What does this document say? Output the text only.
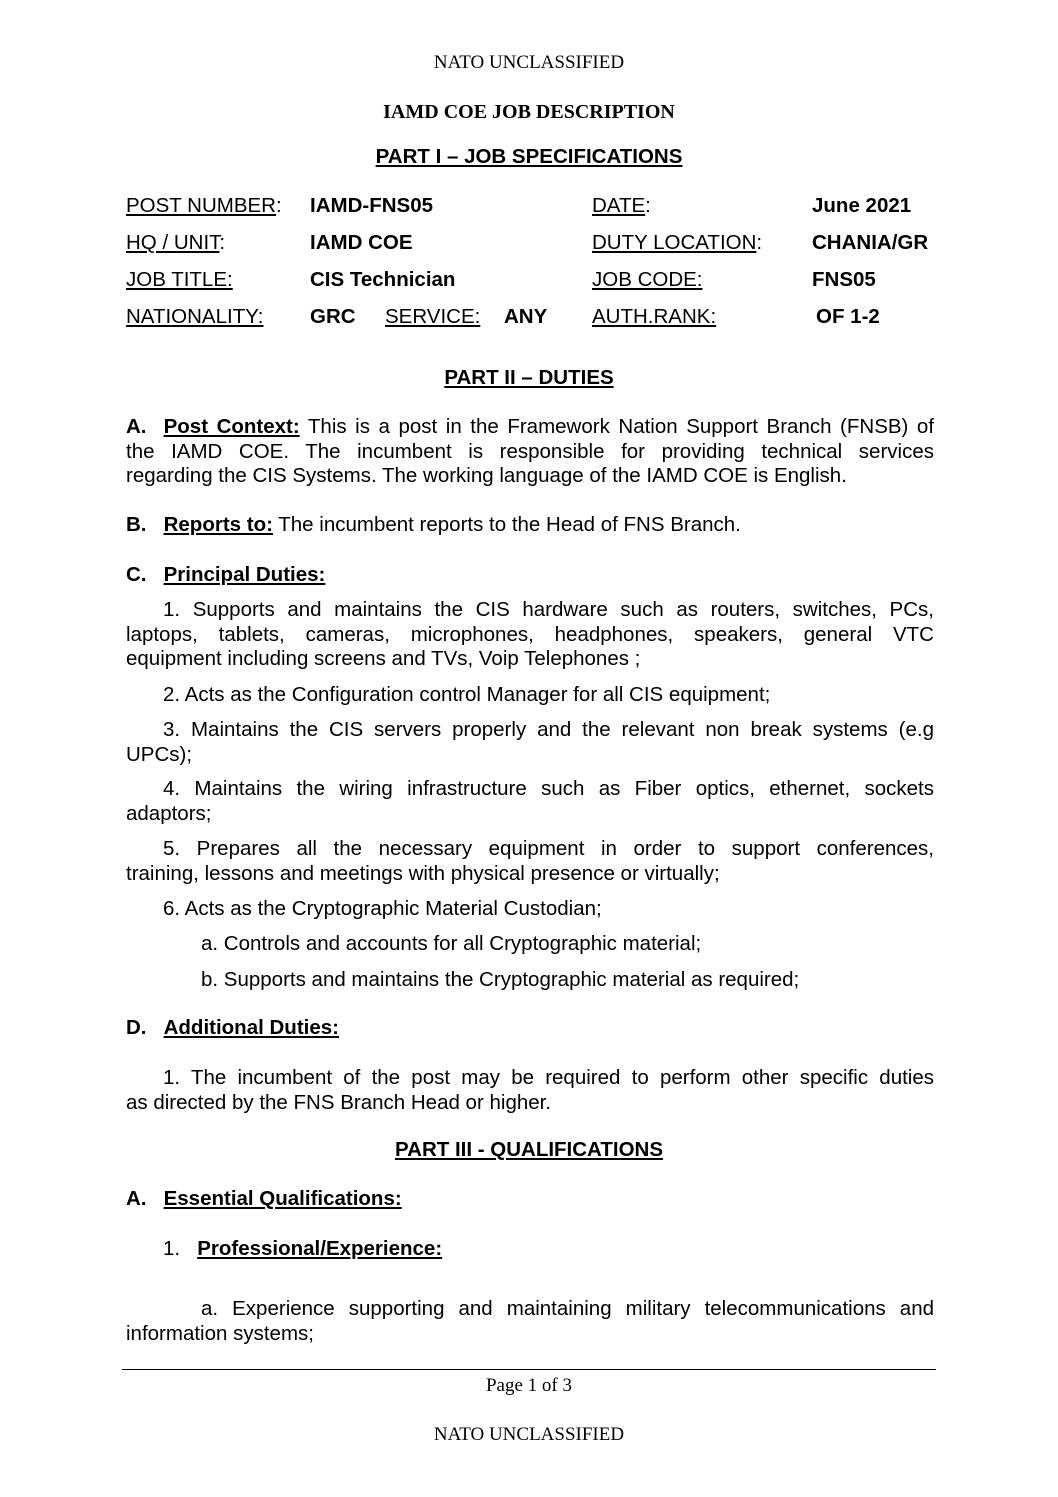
NATO UNCLASSIFIED
IAMD COE JOB DESCRIPTION
PART I – JOB SPECIFICATIONS
POST NUMBER: IAMD-FNS05	DATE:	June 2021
HQ / UNIT:	IAMD COE	DUTY LOCATION: CHANIA/GR
JOB TITLE:	CIS Technician	JOB CODE:	FNS05
NATIONALITY: GRC SERVICE: ANY AUTH.RANK:	OF 1-2
PART II – DUTIES
A. Post Context: This is a post in the Framework Nation Support Branch (FNSB) of
the IAMD COE. The incumbent is responsible for providing technical services
regarding the CIS Systems. The working language of the IAMD COE is English.
B. Reports to: The incumbent reports to the Head of FNS Branch.
C. Principal Duties:
1. Supports and maintains the CIS hardware such as routers, switches, PCs,
laptops, tablets, cameras, microphones, headphones, speakers, general VTC
equipment including screens and TVs, Voip Telephones ;
2. Acts as the Configuration control Manager for all CIS equipment;
3. Maintains the CIS servers properly and the relevant non break systems (e.g
UPCs);
4. Maintains the wiring infrastructure such as Fiber optics, ethernet, sockets
adaptors;
5. Prepares all the necessary equipment in order to support conferences,
training, lessons and meetings with physical presence or virtually;
6. Acts as the Cryptographic Material Custodian;
a. Controls and accounts for all Cryptographic material;
b. Supports and maintains the Cryptographic material as required;
D. Additional Duties:
1. The incumbent of the post may be required to perform other specific duties
as directed by the FNS Branch Head or higher.
PART III - QUALIFICATIONS
A. Essential Qualifications:
1. Professional/Experience:
a. Experience supporting and maintaining military telecommunications and
information systems;
Page 1 of 3
NATO UNCLASSIFIED
